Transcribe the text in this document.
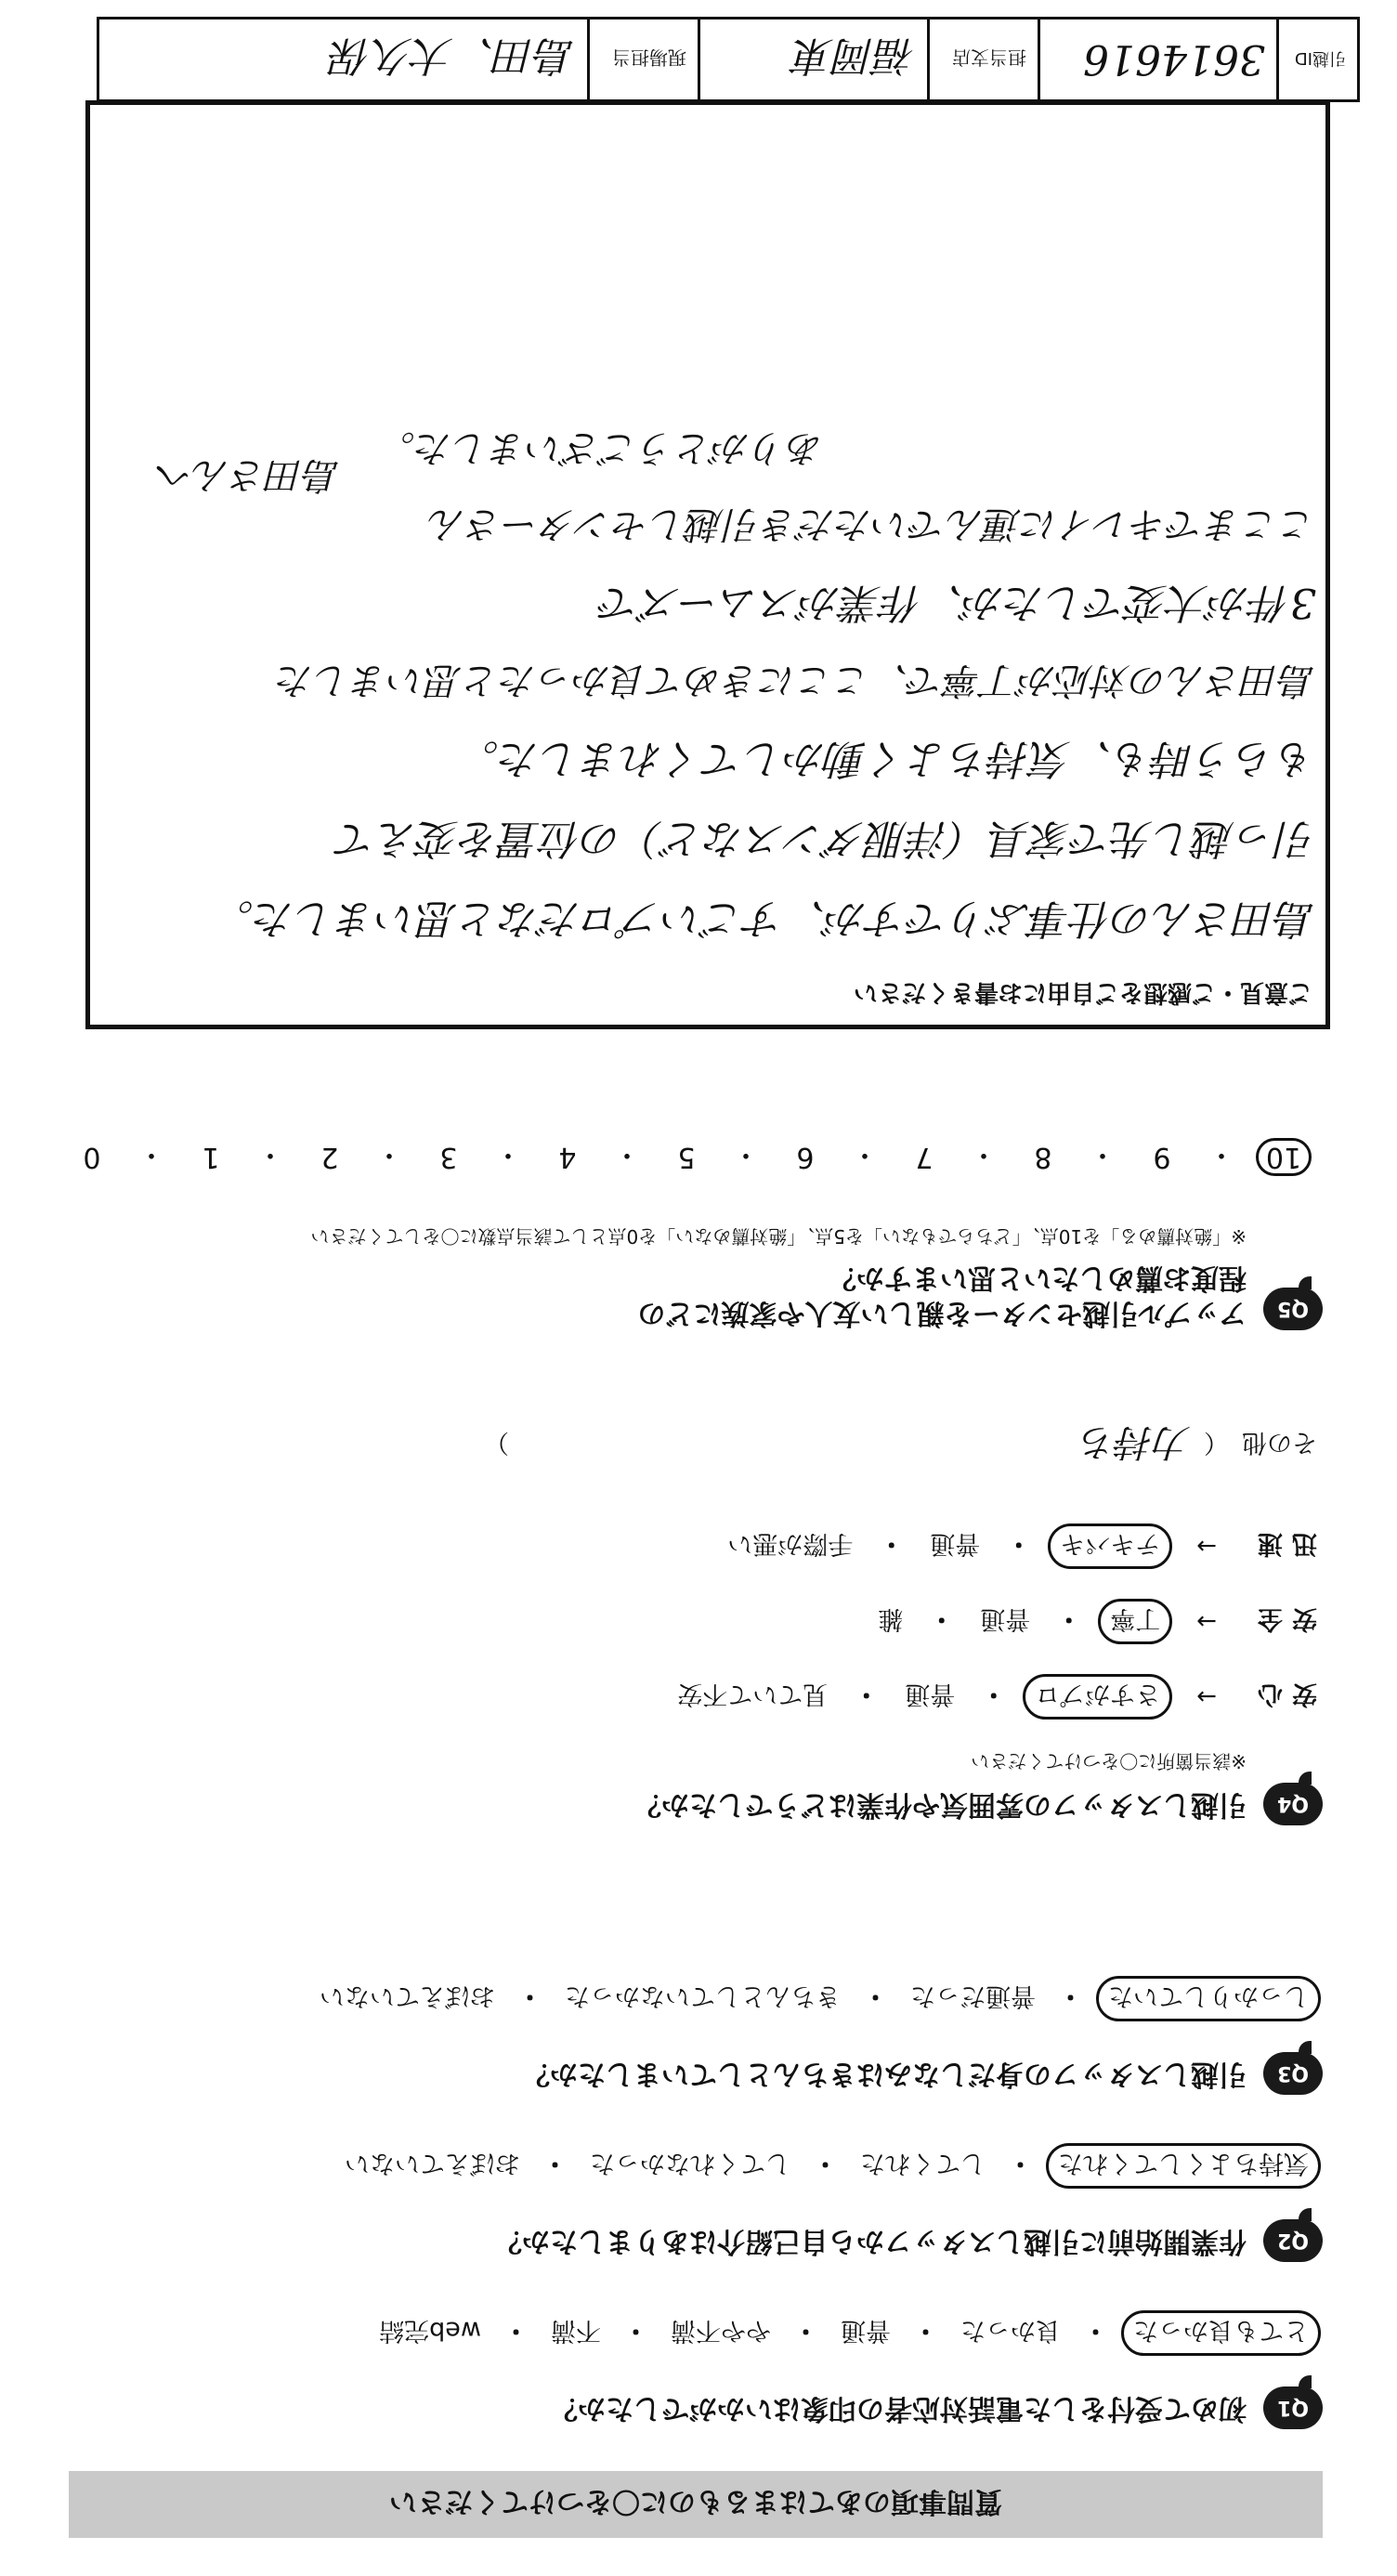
質問事項のあてはまるものに〇をつけてください
Q1
初めて受付をした電話対応者の印象はいかがでしたか？
とても良かった
・
良かった
・
普通
・
やや不満
・
不満
・
web完結
Q2
作業開始前に引越しスタッフから自己紹介はありましたか？
気持ちよくしてくれた
・
してくれた
・
してくれなかった
・
おぼえていない
Q3
引越しスタッフの身だしなみはきちんとしていましたか？
しっかりしていた
・
普通だった
・
きちんとしていなかった
・
おぼえていない
Q4
引越しスタッフの雰囲気や作業はどうでしたか？
※該当箇所に〇をつけてください
安心
→
さすがプロ
・
普通
・
見ていて不安
安全
→
丁寧
・
普通
・
雑
迅速
→
テキパキ
・
普通
・
手際が悪い
その他
（
力持ち
）
Q5
アップル引越センターを親しい友人や家族にどの程度お薦めしたいと思いますか？
※「絶対薦める」を10点、「どちらでもない」を5点、「絶対薦めない」を0点として該当点数に〇をしてください
10
・
9
・
8
・
7
・
6
・
5
・
4
・
3
・
2
・
1
・
0
ご意見・ご感想をご自由にお書きください
島田さんの仕事ぶりですが、すごいプロだなと思いました。
引っ越し先で家具（洋服ダンスなど）の位置を変えて
もらう時も、気持ちよく動かしてくれました。
島田さんの対応が丁寧で、ここにきめて良かったと思いました
3件が大変でしたが、作業がスムーズで
ここまでキレイに運んでいただき引越しセンターさん
ありがとうございました。
島田さんへ
引越ID
3614616
担当支店
福岡東
現場担当
島田、大久保
